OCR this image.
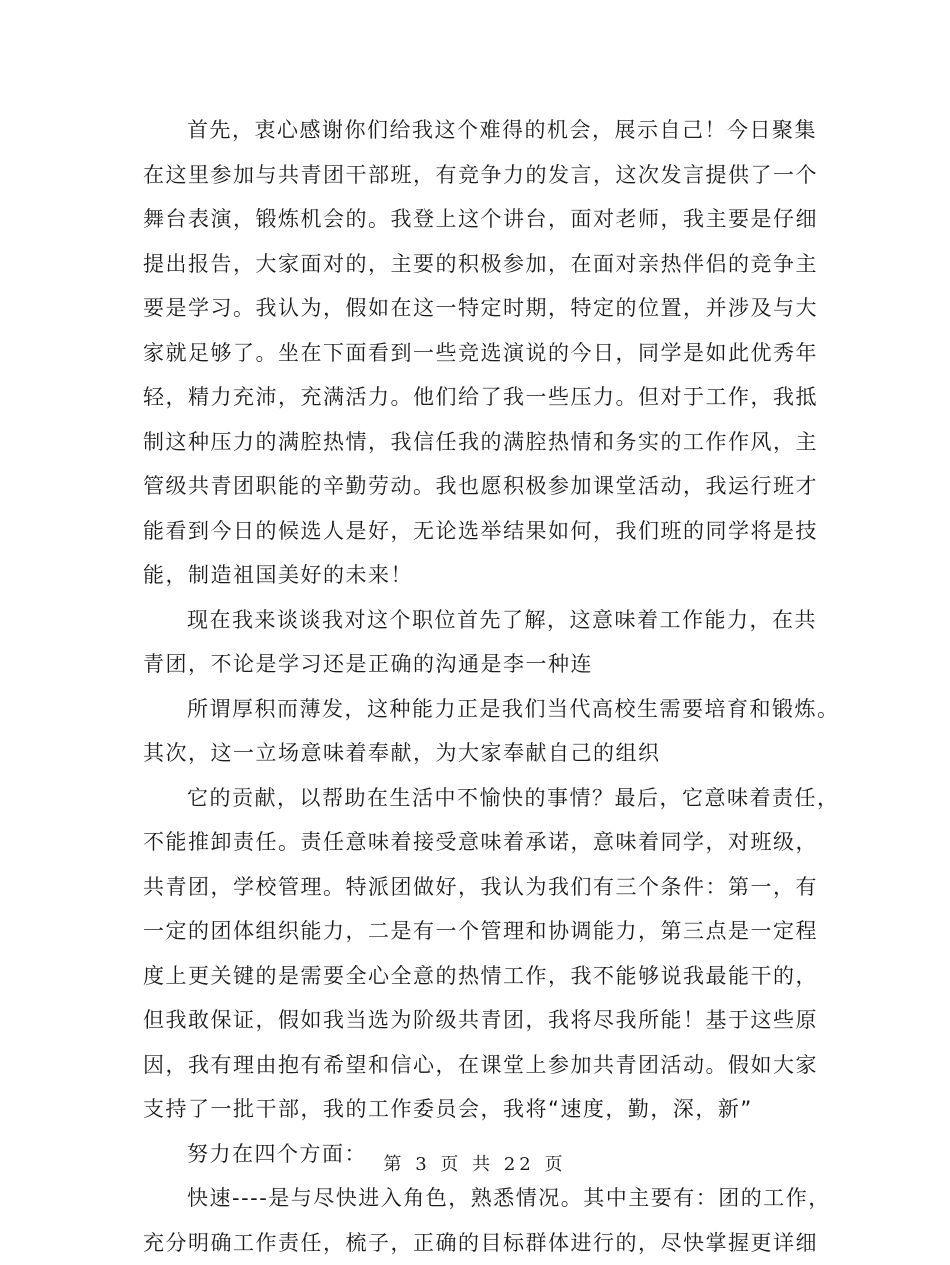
首先，衷心感谢你们给我这个难得的机会，展示自己！今日聚集
在这里参加与共青团干部班，有竞争力的发言，这次发言提供了一个
舞台表演，锻炼机会的。我登上这个讲台，面对老师，我主要是仔细
提出报告，大家面对的，主要的积极参加，在面对亲热伴侣的竞争主
要是学习。我认为，假如在这一特定时期，特定的位置，并涉及与大
家就足够了。坐在下面看到一些竞选演说的今日，同学是如此优秀年
轻，精力充沛，充满活力。他们给了我一些压力。但对于工作，我抵
制这种压力的满腔热情，我信任我的满腔热情和务实的工作作风，主
管级共青团职能的辛勤劳动。我也愿积极参加课堂活动，我运行班才
能看到今日的候选人是好，无论选举结果如何，我们班的同学将是技
能，制造祖国美好的未来！
现在我来谈谈我对这个职位首先了解，这意味着工作能力，在共
青团，不论是学习还是正确的沟通是李一种连
所谓厚积而薄发，这种能力正是我们当代高校生需要培育和锻炼。
其次，这一立场意味着奉献，为大家奉献自己的组织
它的贡献，以帮助在生活中不愉快的事情？最后，它意味着责任，
不能推卸责任。责任意味着接受意味着承诺，意味着同学，对班级，
共青团，学校管理。特派团做好，我认为我们有三个条件：第一，有
一定的团体组织能力，二是有一个管理和协调能力，第三点是一定程
度上更关键的是需要全心全意的热情工作，我不能够说我最能干的，
但我敢保证，假如我当选为阶级共青团，我将尽我所能！基于这些原
因，我有理由抱有希望和信心，在课堂上参加共青团活动。假如大家
支持了一批干部，我的工作委员会，我将“速度，勤，深，新”
努力在四个方面：
快速----是与尽快进入角色，熟悉情况。其中主要有：团的工作，
充分明确工作责任，梳子，正确的目标群体进行的，尽快掌握更详细
第 3 页 共 22 页
